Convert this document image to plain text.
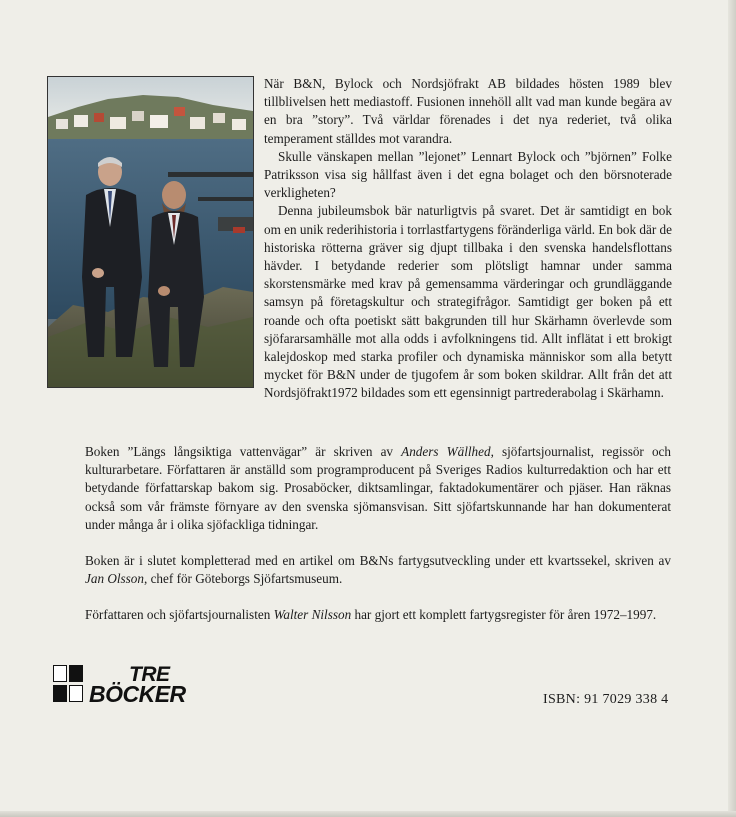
När B&N, Bylock och Nordsjöfrakt AB bildades hösten 1989 blev tillblivelsen hett mediastoff. Fusionen innehöll allt vad man kunde begära av en bra ”story”. Två världar förenades i det nya rederiet, två olika temperament ställdes mot varandra.

Skulle vänskapen mellan ”lejonet” Lennart Bylock och ”björnen” Folke Patriksson visa sig hållfast även i det egna bolaget och den börsnoterade verkligheten?

Denna jubileumsbok bär naturligtvis på svaret. Det är samtidigt en bok om en unik rederihistoria i torrlastfartygens föränderliga värld. En bok där de historiska rötterna gräver sig djupt tillbaka i den svenska handelsflottans hävder. I betydande rederier som plötsligt hamnar under samma skorstensmärke med krav på gemensamma värderingar och grundläggande samsyn på företagskultur och strategifrågor. Samtidigt ger boken på ett roande och ofta poetiskt sätt bakgrunden till hur Skärhamn överlevde som sjöfararsamhälle mot alla odds i avfolkningens tid. Allt inflätat i ett brokigt kalejdoskop med starka profiler och dynamiska människor som alla betytt mycket för B&N under de tjugofem år som boken skildrar. Allt från det att Nordsjöfrakt1972 bildades som ett egensinnigt partrederabolag i Skärhamn.

Boken ”Längs långsiktiga vattenvägar” är skriven av Anders Wällhed, sjöfartsjournalist, regissör och kulturarbetare. Författaren är anställd som programproducent på Sveriges Radios kulturredaktion och har ett betydande författarskap bakom sig. Prosaböcker, diktsamlingar, faktadokumentärer och pjäser. Han räknas också som vår främste förnyare av den svenska sjömansvisan. Sitt sjöfartskunnande har han dokumenterat under många år i olika sjöfackliga tidningar.

Boken är i slutet kompletterad med en artikel om B&Ns fartygsutveckling under ett kvartssekel, skriven av Jan Olsson, chef för Göteborgs Sjöfartsmuseum.

Författaren och sjöfartsjournalisten Walter Nilsson har gjort ett komplett fartygsregister för åren 1972–1997.

TRE
BÖCKER	ISBN: 91 7029 338 4
